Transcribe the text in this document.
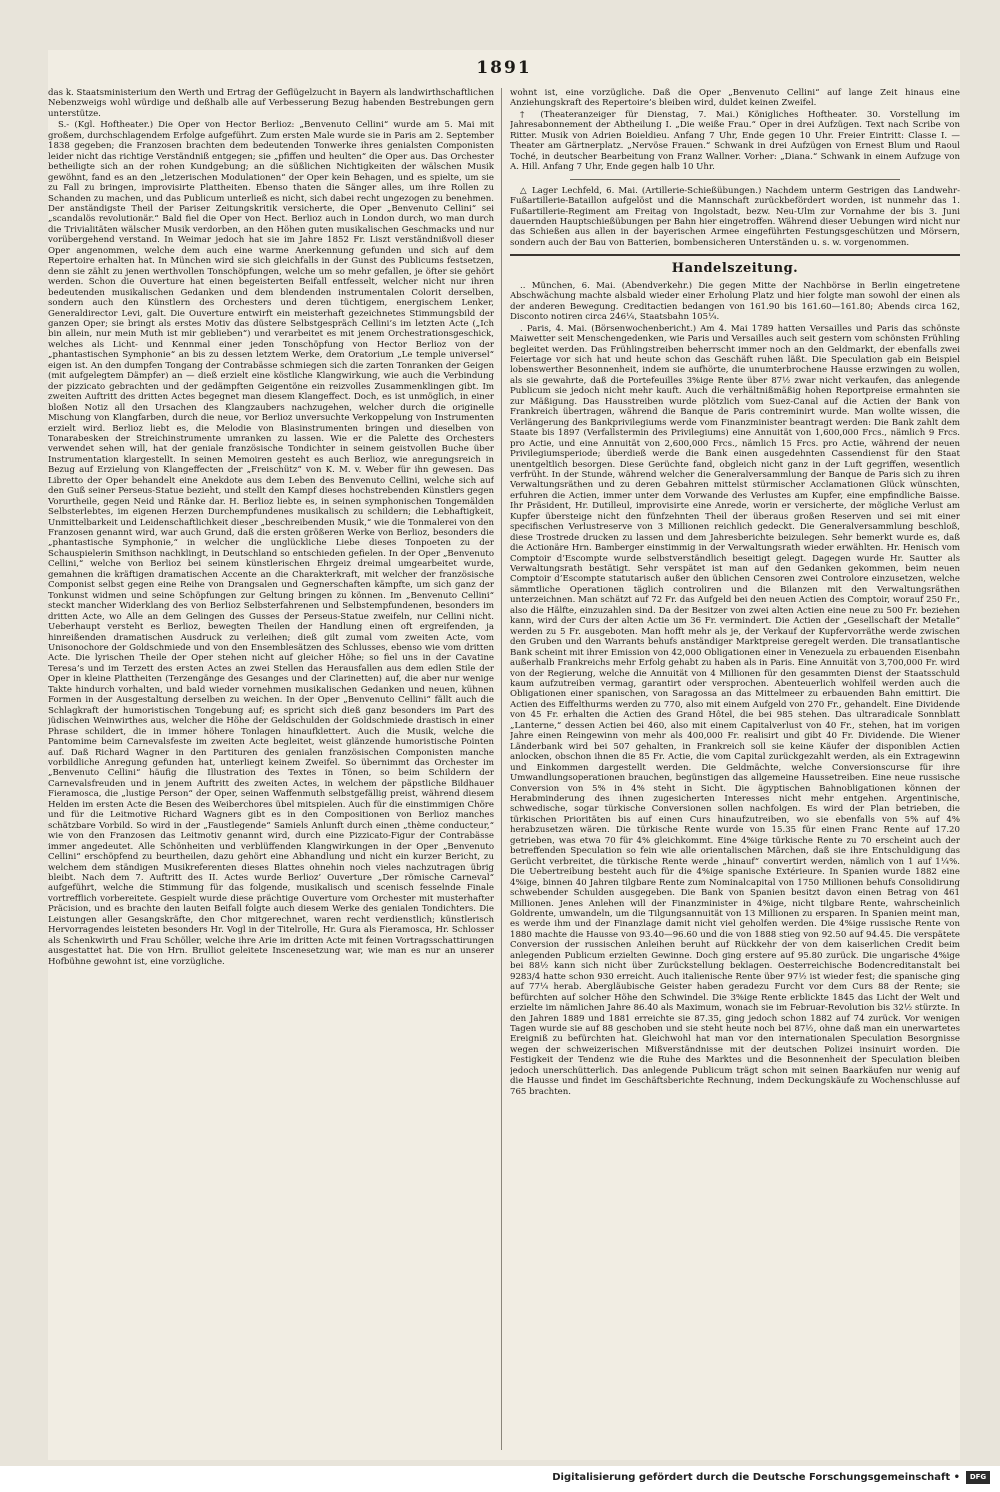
1891

das k. Staatsministerium den Werth und Ertrag der Geflügelzucht in Bayern als landwirthschaftlichen Nebenzweigs wohl würdige und deßhalb alle auf Verbesserung Bezug habenden Bestrebungen gern unterstütze.

S.- (Kgl. Hoftheater.) Die Oper von Hector Berlioz: „Benvenuto Cellini“ wurde am 5. Mai mit großem, durchschlagendem Erfolge aufgeführt. Zum ersten Male wurde sie in Paris am 2. September 1838 gegeben; die Franzosen brachten dem bedeutenden Tonwerke ihres genialsten Componisten leider nicht das richtige Verständniß entgegen; sie „pfiffen und heulten“ die Oper aus. Das Orchester betheiligte sich an der rohen Kundgebung; an die süßlichen Nichtigkeiten der wälschen Musik gewöhnt, fand es an den „letzerischen Modulationen“ der Oper kein Behagen, und es spielte, um sie zu Fall zu bringen, improvisirte Plattheiten. Ebenso thaten die Sänger alles, um ihre Rollen zu Schanden zu machen, und das Publicum unterließ es nicht, sich dabei recht ungezogen zu benehmen. Der anständigste Theil der Pariser Zeitungskritik versicherte, die Oper „Benvenuto Cellini“ sei „scandalös revolutionär.“ Bald fiel die Oper von Hect. Berlioz auch in London durch, wo man durch die Trivialitäten wälscher Musik verdorben, an den Höhen guten musikalischen Geschmacks und nur vorübergehend verstand. In Weimar jedoch hat sie im Jahre 1852 Fr. Liszt verständnißvoll dieser Oper angenommen, welche dem auch eine warme Anerkennung gefunden und sich auf dem Repertoire erhalten hat. In München wird sie sich gleichfalls in der Gunst des Publicums festsetzen, denn sie zählt zu jenen werthvollen Tonschöpfungen, welche um so mehr gefallen, je öfter sie gehört werden. Schon die Ouverture hat einen begeisterten Beifall entfesselt, welcher nicht nur ihren bedeutenden musikalischen Gedanken und dem blendenden instrumentalen Colorit derselben, sondern auch den Künstlern des Orchesters und deren tüchtigem, energischem Lenker, Generaldirector Levi, galt. Die Ouverture entwirft ein meisterhaft gezeichnetes Stimmungsbild der ganzen Oper; sie bringt als erstes Motiv das düstere Selbstgespräch Cellini’s im letzten Acte („Ich bin allein, nur mein Muth ist mir geblieben“) und verarbeitet es mit jenem Orchestrationsgeschick, welches als Licht- und Kennmal einer jeden Tonschöpfung von Hector Berlioz von der „phantastischen Symphonie“ an bis zu dessen letztem Werke, dem Oratorium „Le temple universel“ eigen ist. An den dumpfen Tongang der Contrabässe schmiegen sich die zarten Tonranken der Geigen (mit aufgelegtem Dämpfer) an — dieß erzielt eine köstliche Klangwirkung, wie auch die Verbindung der pizzicato gebrachten und der gedämpften Geigentöne ein reizvolles Zusammenklingen gibt. Im zweiten Auftritt des dritten Actes begegnet man diesem Klangeffect. Doch, es ist unmöglich, in einer bloßen Notiz all den Ursachen des Klangzaubers nachzugehen, welcher durch die originelle Mischung von Klangfarben, durch die neue, vor Berlioz unversuchte Verkoppelung von Instrumenten erzielt wird. Berlioz liebt es, die Melodie von Blasinstrumenten bringen und dieselben von Tonarabesken der Streichinstrumente umranken zu lassen. Wie er die Palette des Orchesters verwendet sehen will, hat der geniale französische Tondichter in seinem geistvollen Buche über Instrumentation klargestellt. In seinen Memoiren gesteht es auch Berlioz, wie anregungsreich in Bezug auf Erzielung von Klangeffecten der „Freischütz“ von K. M. v. Weber für ihn gewesen. Das Libretto der Oper behandelt eine Anekdote aus dem Leben des Benvenuto Cellini, welche sich auf den Guß seiner Perseus-Statue bezieht, und stellt den Kampf dieses hochstrebenden Künstlers gegen Vorurtheile, gegen Neid und Ränke dar. H. Berlioz liebte es, in seinen symphonischen Tongemälden Selbsterlebtes, im eigenen Herzen Durchempfundenes musikalisch zu schildern; die Lebhaftigkeit, Unmittelbarkeit und Leidenschaftlichkeit dieser „beschreibenden Musik,“ wie die Tonmalerei von den Franzosen genannt wird, war auch Grund, daß die ersten größeren Werke von Berlioz, besonders die „phantastische Symphonie,“ in welcher die unglückliche Liebe dieses Tonpoeten zu der Schauspielerin Smithson nachklingt, in Deutschland so entschieden gefielen. In der Oper „Benvenuto Cellini,“ welche von Berlioz bei seinem künstlerischen Ehrgeiz dreimal umgearbeitet wurde, gemahnen die kräftigen dramatischen Accente an die Charakterkraft, mit welcher der französische Componist selbst gegen eine Reihe von Drangsalen und Gegnerschaften kämpfte, um sich ganz der Tonkunst widmen und seine Schöpfungen zur Geltung bringen zu können. Im „Benvenuto Cellini“ steckt mancher Widerklang des von Berlioz Selbsterfahrenen und Selbstempfundenen, besonders im dritten Acte, wo Alle an dem Gelingen des Gusses der Perseus-Statue zweifeln, nur Cellini nicht. Ueberhaupt versteht es Berlioz, bewegten Theilen der Handlung einen oft ergreifenden, ja hinreißenden dramatischen Ausdruck zu verleihen; dieß gilt zumal vom zweiten Acte, vom Unisonochore der Goldschmiede und von den Ensemblesätzen des Schlusses, ebenso wie vom dritten Acte. Die lyrischen Theile der Oper stehen nicht auf gleicher Höhe; so fiel uns in der Cavatine Teresa’s und im Terzett des ersten Actes an zwei Stellen das Herausfallen aus dem edlen Stile der Oper in kleine Plattheiten (Terzengänge des Gesanges und der Clarinetten) auf, die aber nur wenige Takte hindurch vorhalten, und bald wieder vornehmen musikalischen Gedanken und neuen, kühnen Formen in der Ausgestaltung derselben zu weichen. In der Oper „Benvenuto Cellini“ fällt auch die Schlagkraft der humoristischen Tongebung auf; es spricht sich dieß ganz besonders im Part des jüdischen Weinwirthes aus, welcher die Höhe der Geldschulden der Goldschmiede drastisch in einer Phrase schildert, die in immer höhere Tonlagen hinaufklettert. Auch die Musik, welche die Pantomime beim Carnevalsfeste im zweiten Acte begleitet, weist glänzende humoristische Pointen auf. Daß Richard Wagner in den Partituren des genialen französischen Componisten manche vorbildliche Anregung gefunden hat, unterliegt keinem Zweifel. So übernimmt das Orchester im „Benvenuto Cellini“ häufig die Illustration des Textes in Tönen, so beim Schildern der Carnevalsfreuden und in jenem Auftritt des zweiten Actes, in welchem der päpstliche Bildhauer Fieramosca, die „lustige Person“ der Oper, seinen Waffenmuth selbstgefällig preist, während diesem Helden im ersten Acte die Besen des Weiberchores übel mitspielen. Auch für die einstimmigen Chöre und für die Leitmotive Richard Wagners gibt es in den Compositionen von Berlioz manches schätzbare Vorbild. So wird in der „Faustlegende“ Samiels Anlunft durch einen „thème conducteur,“ wie von den Franzosen das Leitmotiv genannt wird, durch eine Pizzicato-Figur der Contrabässe immer angedeutet. Alle Schönheiten und verblüffenden Klangwirkungen in der Oper „Benvenuto Cellini“ erschöpfend zu beurtheilen, dazu gehört eine Abhandlung und nicht ein kurzer Bericht, zu welchem dem ständigen Musikreferenten dieses Blattes ohnehin noch vieles nachzutragen übrig bleibt. Nach dem 7. Auftritt des II. Actes wurde Berlioz’ Ouverture „Der römische Carneval“ aufgeführt, welche die Stimmung für das folgende, musikalisch und scenisch fesselnde Finale vortrefflich vorbereitete. Gespielt wurde diese prächtige Ouverture vom Orchester mit musterhafter Präcision, und es brachte den lauten Beifall folgte auch diesem Werke des genialen Tondichters. Die Leistungen aller Gesangskräfte, den Chor mitgerechnet, waren recht verdienstlich; künstlerisch Hervorragendes leisteten besonders Hr. Vogl in der Titelrolle, Hr. Gura als Fieramosca, Hr. Schlosser als Schenkwirth und Frau Schöller, welche ihre Arie im dritten Acte mit feinen Vortragsschattirungen ausgestattet hat. Die von Hrn. Brulliot geleitete Inscenesetzung war, wie man es nur an unserer Hofbühne gewohnt ist, eine vorzügliche.

wohnt ist, eine vorzügliche. Daß die Oper „Benvenuto Cellini“ auf lange Zeit hinaus eine Anziehungskraft des Repertoire’s bleiben wird, duldet keinen Zweifel.

† (Theateranzeiger für Dienstag, 7. Mai.) Königliches Hoftheater. 30. Vorstellung im Jahresabonnement der Abtheilung I. „Die weiße Frau.“ Oper in drei Aufzügen. Text nach Scribe von Ritter. Musik von Adrien Boieldieu. Anfang 7 Uhr, Ende gegen 10 Uhr. Freier Eintritt: Classe I. — Theater am Gärtnerplatz. „Nervöse Frauen.“ Schwank in drei Aufzügen von Ernest Blum und Raoul Toché, in deutscher Bearbeitung von Franz Wallner. Vorher: „Diana.“ Schwank in einem Aufzuge von A. Hill. Anfang 7 Uhr, Ende gegen halb 10 Uhr.

△ Lager Lechfeld, 6. Mai. (Artillerie-Schießübungen.) Nachdem unterm Gestrigen das Landwehr-Fußartillerie-Bataillon aufgelöst und die Mannschaft zurückbefördert worden, ist nunmehr das 1. Fußartillerie-Regiment am Freitag von Ingolstadt, bezw. Neu-Ulm zur Vornahme der bis 3. Juni dauernden Hauptschießübungen per Bahn hier eingetroffen. Während dieser Uebungen wird nicht nur das Schießen aus allen in der bayerischen Armee eingeführten Festungsgeschützen und Mörsern, sondern auch der Bau von Batterien, bombensicheren Unterständen u. s. w. vorgenommen.

Handelszeitung.

.. München, 6. Mai. (Abendverkehr.) Die gegen Mitte der Nachbörse in Berlin eingetretene Abschwächung machte alsbald wieder einer Erholung Platz und hier folgte man sowohl der einen als der anderen Bewegung. Creditactien bedangen von 161.90 bis 161.60—161.80; Abends circa 162, Disconto notiren circa 246¼, Staatsbahn 105¼.

. Paris, 4. Mai. (Börsenwochenbericht.) Am 4. Mai 1789 hatten Versailles und Paris das schönste Maiwetter seit Menschengedenken, wie Paris und Versailles auch seit gestern vom schönsten Frühling begleitet werden. Das Frühlingstreiben beherrscht immer noch an den Geldmarkt, der ebenfalls zwei Feiertage vor sich hat und heute schon das Geschäft ruhen läßt. Die Speculation gab ein Beispiel lobenswerther Besonnenheit, indem sie aufhörte, die unumterbrochene Hausse erzwingen zu wollen, als sie gewahrte, daß die Portefeuilles 3%ige Rente über 87½ zwar nicht verkaufen, das anlegende Publicum sie jedoch nicht mehr kauft. Auch die verhältnißmäßig hohen Reportpreise ermahnten sie zur Mäßigung. Das Hausstreiben wurde plötzlich vom Suez-Canal auf die Actien der Bank von Frankreich übertragen, während die Banque de Paris contreminirt wurde. Man wollte wissen, die Verlängerung des Bankprivilegiums werde vom Finanzminister beantragt werden: Die Bank zahlt dem Staate bis 1897 (Verfallstermin des Privilegiums) eine Annuität von 1,600,000 Frcs., nämlich 9 Frcs. pro Actie, und eine Annuität von 2,600,000 Frcs., nämlich 15 Frcs. pro Actie, während der neuen Privilegiumsperiode; überdieß werde die Bank einen ausgedehnten Cassendienst für den Staat unentgeltlich besorgen. Diese Gerüchte fand, obgleich nicht ganz in der Luft gegriffen, wesentlich verfrüht. In der Stunde, während welcher die Generalversammlung der Banque de Paris sich zu ihren Verwaltungsräthen und zu deren Gebahren mittelst stürmischer Acclamationen Glück wünschten, erfuhren die Actien, immer unter dem Vorwande des Verlustes am Kupfer, eine empfindliche Baisse. Ihr Präsident, Hr. Dutilleul, improvisirte eine Anrede, worin er versicherte, der mögliche Verlust am Kupfer übersteige nicht den fünfzehnten Theil der überaus großen Reserven und sei mit einer specifischen Verlustreserve von 3 Millionen reichlich gedeckt. Die Generalversammlung beschloß, diese Trostrede drucken zu lassen und dem Jahresberichte beizulegen. Sehr bemerkt wurde es, daß die Actionäre Hrn. Bamberger einstimmig in der Verwaltungsrath wieder erwählten. Hr. Henisch vom Comptoir d’Escompte wurde selbstverständlich beseitigt gelegt. Dagegen wurde Hr. Sautter als Verwaltungsrath bestätigt. Sehr verspätet ist man auf den Gedanken gekommen, beim neuen Comptoir d’Escompte statutarisch außer den üblichen Censoren zwei Controlore einzusetzen, welche sämmtliche Operationen täglich controliren und die Bilanzen mit den Verwaltungsräthen unterzeichnen. Man schätzt auf 72 Fr. das Aufgeld bei den neuen Actien des Comptoir, worauf 250 Fr., also die Hälfte, einzuzahlen sind. Da der Besitzer von zwei alten Actien eine neue zu 500 Fr. beziehen kann, wird der Curs der alten Actie um 36 Fr. vermindert. Die Actien der „Gesellschaft der Metalle“ werden zu 5 Fr. ausgeboten. Man hofft mehr als je, der Verkauf der Kupfervorräthe werde zwischen den Gruben und den Warrants behufs anständiger Marktpreise geregelt werden. Die transatlantische Bank scheint mit ihrer Emission von 42,000 Obligationen einer in Venezuela zu erbauenden Eisenbahn außerhalb Frankreichs mehr Erfolg gehabt zu haben als in Paris. Eine Annuität von 3,700,000 Fr. wird von der Regierung, welche die Annuität von 4 Millionen für den gesammten Dienst der Staatsschuld kaum aufzutreiben vermag, garantirt oder versprochen. Abenteuerlich wohlfeil werden auch die Obligationen einer spanischen, von Saragossa an das Mittelmeer zu erbauenden Bahn emittirt. Die Actien des Eiffelthurms werden zu 770, also mit einem Aufgeld von 270 Fr., gehandelt. Eine Dividende von 45 Fr. erhalten die Actien des Grand Hôtel, die bei 985 stehen. Das ultraradicale Sonnblatt „Lanterne,“ dessen Actien bei 460, also mit einem Capitalverlust von 40 Fr., stehen, hat im vorigen Jahre einen Reingewinn von mehr als 400,000 Fr. realisirt und gibt 40 Fr. Dividende. Die Wiener Länderbank wird bei 507 gehalten, in Frankreich soll sie keine Käufer der disponiblen Actien anlocken, obschon ihnen die 85 Fr. Actie, die vom Capital zurückgezahlt werden, als ein Extragewinn und Einkommen dargestellt werden. Die Geldmächte, welche Conversionscurse für ihre Umwandlungsoperationen brauchen, begünstigen das allgemeine Haussetreiben. Eine neue russische Conversion von 5% in 4% steht in Sicht. Die ägyptischen Bahnobligationen können der Herabminderung des ihnen zugesicherten Interesses nicht mehr entgehen. Argentinische, schwedische, sogar türkische Conversionen sollen nachfolgen. Es wird der Plan betrieben, die türkischen Prioritäten bis auf einen Curs hinaufzutreiben, wo sie ebenfalls von 5% auf 4% herabzusetzen wären. Die türkische Rente wurde von 15.35 für einen Franc Rente auf 17.20 getrieben, was etwa 70 für 4% gleichkommt. Eine 4%ige türkische Rente zu 70 erscheint auch der betreffenden Speculation so fein wie alle orientalischen Märchen, daß sie ihre Entschuldigung das Gerücht verbreitet, die türkische Rente werde „hinauf“ convertirt werden, nämlich von 1 auf 1¼%. Die Uebertreibung besteht auch für die 4%ige spanische Extérieure. In Spanien wurde 1882 eine 4%ige, binnen 40 Jahren tilgbare Rente zum Nominalcapital von 1750 Millionen behufs Consolidirung schwebender Schulden ausgegeben. Die Bank von Spanien besitzt davon einen Betrag von 461 Millionen. Jenes Anlehen will der Finanzminister in 4%ige, nicht tilgbare Rente, wahrscheinlich Goldrente, umwandeln, um die Tilgungsannuität von 13 Millionen zu ersparen. In Spanien meint man, es werde ihm und der Finanzlage damit nicht viel geholfen werden. Die 4%ige russische Rente von 1880 machte die Hausse von 93.40—96.60 und die von 1888 stieg von 92.50 auf 94.45. Die verspätete Conversion der russischen Anleihen beruht auf Rückkehr der von dem kaiserlichen Credit beim anlegenden Publicum erzielten Gewinne. Doch ging erstere auf 95.80 zurück. Die ungarische 4%ige bei 88½ kann sich nicht über Zurückstellung beklagen. Oesterreichische Bodencreditanstalt bei 9283/4 hatte schon 930 erreicht. Auch italienische Rente über 97½ ist wieder fest; die spanische ging auf 77¼ herab. Abergläubische Geister haben geradezu Furcht vor dem Curs 88 der Rente; sie befürchten auf solcher Höhe den Schwindel. Die 3%ige Rente erblickte 1845 das Licht der Welt und erzielte im nämlichen Jahre 86.40 als Maximum, wonach sie im Februar-Revolution bis 32½ stürzte. In den Jahren 1889 und 1881 erreichte sie 87.35, ging jedoch schon 1882 auf 74 zurück. Vor wenigen Tagen wurde sie auf 88 geschoben und sie steht heute noch bei 87½, ohne daß man ein unerwartetes Ereigniß zu befürchten hat. Gleichwohl hat man vor den internationalen Speculation Besorgnisse wegen der schweizerischen Mißverständnisse mit der deutschen Polizei insinuirt worden. Die Festigkeit der Tendenz wie die Ruhe des Marktes und die Besonnenheit der Speculation bleiben jedoch unerschütterlich. Das anlegende Publicum trägt schon mit seinen Baarkäufen nur wenig auf die Hausse und findet im Geschäftsberichte Rechnung, indem Deckungskäufe zu Wochenschlusse auf 765 brachten.

Digitalisierung gefördert durch die Deutsche Forschungsgemeinschaft •	DFG
